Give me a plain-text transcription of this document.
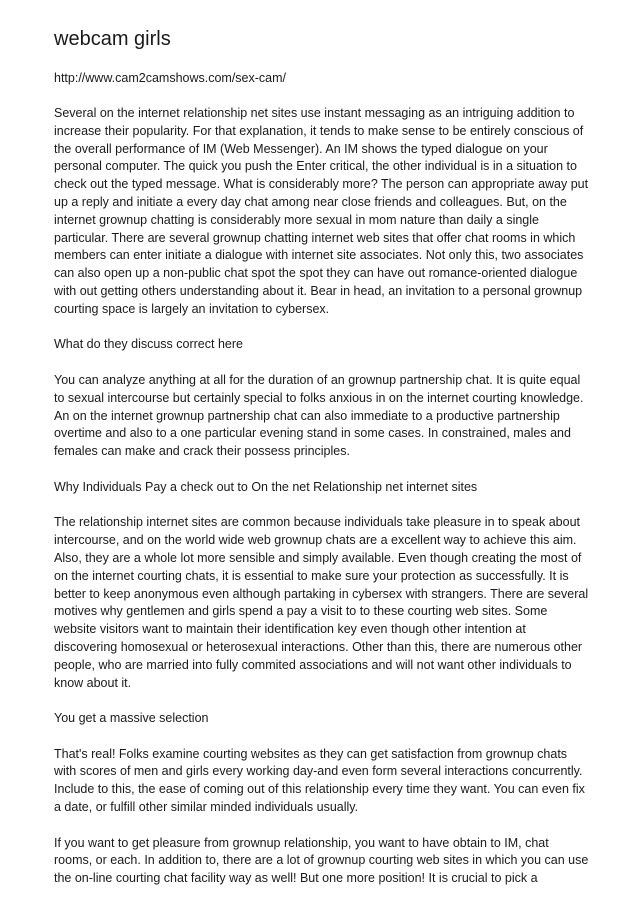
webcam girls
http://www.cam2camshows.com/sex-cam/

Several on the internet relationship net sites use instant messaging as an intriguing addition to increase their popularity. For that explanation, it tends to make sense to be entirely conscious of the overall performance of IM (Web Messenger). An IM shows the typed dialogue on your personal computer. The quick you push the Enter critical, the other individual is in a situation to check out the typed message. What is considerably more? The person can appropriate away put up a reply and initiate a every day chat among near close friends and colleagues. But, on the internet grownup chatting is considerably more sexual in mom nature than daily a single particular. There are several grownup chatting internet web sites that offer chat rooms in which members can enter initiate a dialogue with internet site associates. Not only this, two associates can also open up a non-public chat spot the spot they can have out romance-oriented dialogue with out getting others understanding about it. Bear in head, an invitation to a personal grownup courting space is largely an invitation to cybersex.

What do they discuss correct here

You can analyze anything at all for the duration of an grownup partnership chat. It is quite equal to sexual intercourse but certainly special to folks anxious in on the internet courting knowledge. An on the internet grownup partnership chat can also immediate to a productive partnership overtime and also to a one particular evening stand in some cases. In constrained, males and females can make and crack their possess principles.

Why Individuals Pay a check out to On the net Relationship net internet sites

The relationship internet sites are common because individuals take pleasure in to speak about intercourse, and on the world wide web grownup chats are a excellent way to achieve this aim. Also, they are a whole lot more sensible and simply available. Even though creating the most of on the internet courting chats, it is essential to make sure your protection as successfully. It is better to keep anonymous even although partaking in cybersex with strangers. There are several motives why gentlemen and girls spend a pay a visit to to these courting web sites. Some website visitors want to maintain their identification key even though other intention at discovering homosexual or heterosexual interactions. Other than this, there are numerous other people, who are married into fully commited associations and will not want other individuals to know about it.

You get a massive selection

That's real! Folks examine courting websites as they can get satisfaction from grownup chats with scores of men and girls every working day-and even form several interactions concurrently. Include to this, the ease of coming out of this relationship every time they want. You can even fix a date, or fulfill other similar minded individuals usually.

If you want to get pleasure from grownup relationship, you want to have obtain to IM, chat rooms, or each. In addition to, there are a lot of grownup courting web sites in which you can use the on-line courting chat facility way as well! But one more position! It is crucial to pick a
